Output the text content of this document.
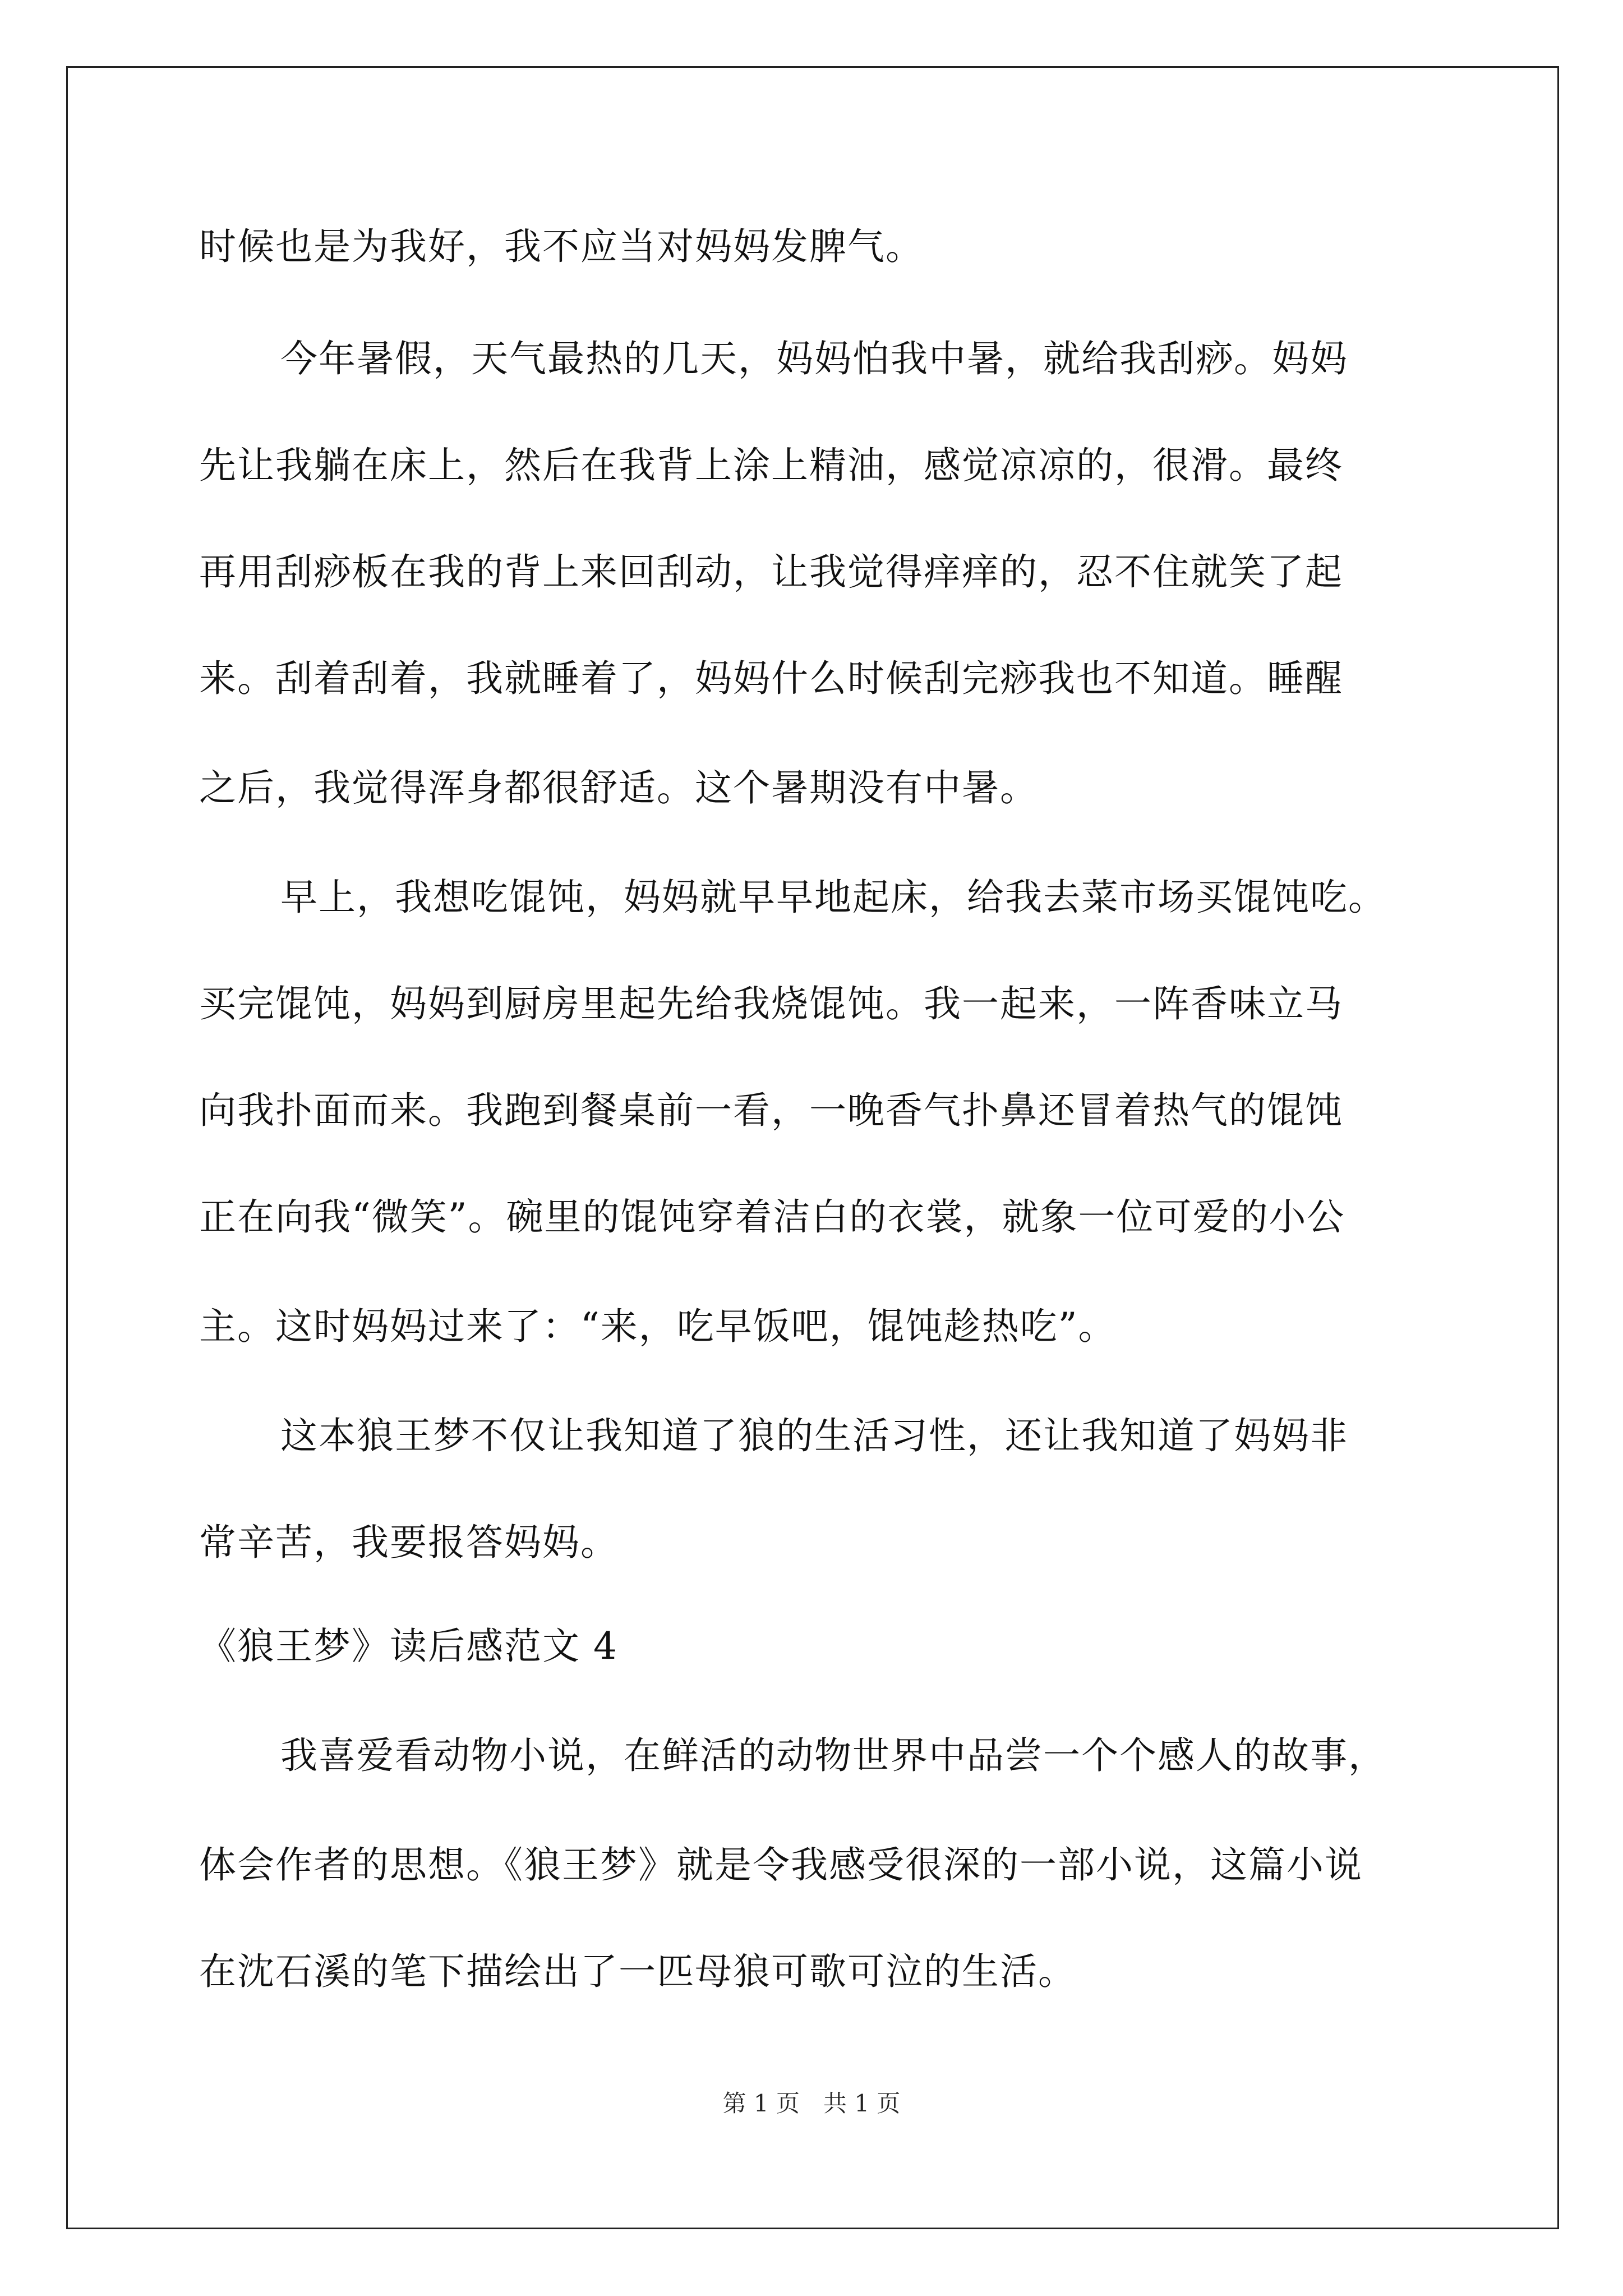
时候也是为我好，我不应当对妈妈发脾气。
今年暑假，天气最热的几天，妈妈怕我中暑，就给我刮痧。妈妈
先让我躺在床上，然后在我背上涂上精油，感觉凉凉的，很滑。最终
再用刮痧板在我的背上来回刮动，让我觉得痒痒的，忍不住就笑了起
来。刮着刮着，我就睡着了，妈妈什么时候刮完痧我也不知道。睡醒
之后，我觉得浑身都很舒适。这个暑期没有中暑。
早上，我想吃馄饨，妈妈就早早地起床，给我去菜市场买馄饨吃。
买完馄饨，妈妈到厨房里起先给我烧馄饨。我一起来，一阵香味立马
向我扑面而来。我跑到餐桌前一看，一晚香气扑鼻还冒着热气的馄饨
正在向我“微笑”。碗里的馄饨穿着洁白的衣裳，就象一位可爱的小公
主。这时妈妈过来了：“来，吃早饭吧，馄饨趁热吃”。
这本狼王梦不仅让我知道了狼的生活习性，还让我知道了妈妈非
常辛苦，我要报答妈妈。
《狼王梦》读后感范文 4
我喜爱看动物小说，在鲜活的动物世界中品尝一个个感人的故事，
体会作者的思想。《狼王梦》就是令我感受很深的一部小说，这篇小说
在沈石溪的笔下描绘出了一匹母狼可歌可泣的生活。
第 1 页　共 1 页
